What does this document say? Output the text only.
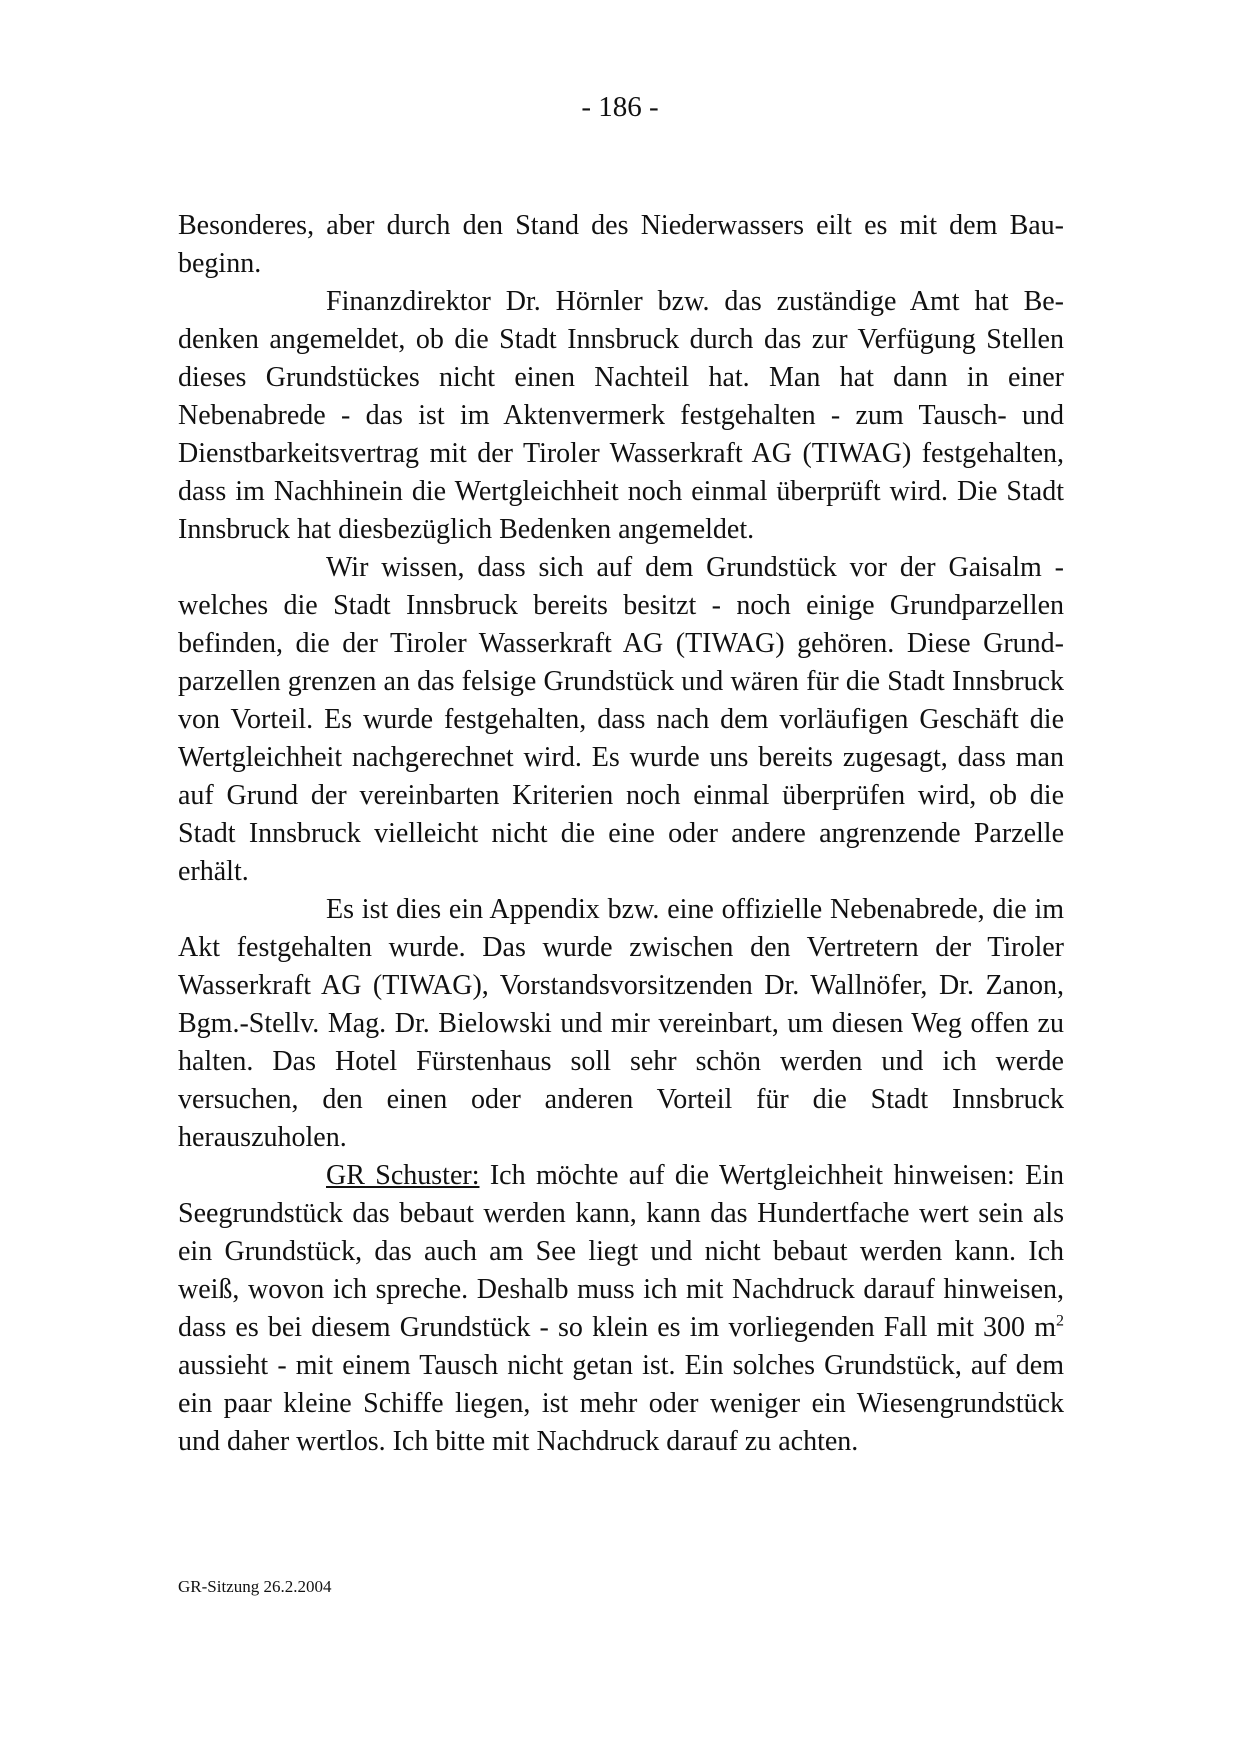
- 186 -

Besonderes, aber durch den Stand des Niederwassers eilt es mit dem Baubeginn.

Finanzdirektor Dr. Hörnler bzw. das zuständige Amt hat Bedenken angemeldet, ob die Stadt Innsbruck durch das zur Verfügung Stellen dieses Grundstückes nicht einen Nachteil hat. Man hat dann in einer Nebenabrede - das ist im Aktenvermerk festgehalten - zum Tausch- und Dienstbarkeitsvertrag mit der Tiroler Wasserkraft AG (TIWAG) festgehalten, dass im Nachhinein die Wertgleichheit noch einmal überprüft wird. Die Stadt Innsbruck hat diesbezüglich Bedenken angemeldet.

Wir wissen, dass sich auf dem Grundstück vor der Gaisalm - welches die Stadt Innsbruck bereits besitzt - noch einige Grundparzellen befinden, die der Tiroler Wasserkraft AG (TIWAG) gehören. Diese Grundparzellen grenzen an das felsige Grundstück und wären für die Stadt Innsbruck von Vorteil. Es wurde festgehalten, dass nach dem vorläufigen Geschäft die Wertgleichheit nachgerechnet wird. Es wurde uns bereits zugesagt, dass man auf Grund der vereinbarten Kriterien noch einmal überprüfen wird, ob die Stadt Innsbruck vielleicht nicht die eine oder andere angrenzende Parzelle erhält.

Es ist dies ein Appendix bzw. eine offizielle Nebenabrede, die im Akt festgehalten wurde. Das wurde zwischen den Vertretern der Tiroler Wasserkraft AG (TIWAG), Vorstandsvorsitzenden Dr. Wallnöfer, Dr. Zanon, Bgm.-Stellv. Mag. Dr. Bielowski und mir vereinbart, um diesen Weg offen zu halten. Das Hotel Fürstenhaus soll sehr schön werden und ich werde versuchen, den einen oder anderen Vorteil für die Stadt Innsbruck herauszuholen.

GR Schuster: Ich möchte auf die Wertgleichheit hinweisen: Ein Seegrundstück das bebaut werden kann, kann das Hundertfache wert sein als ein Grundstück, das auch am See liegt und nicht bebaut werden kann. Ich weiß, wovon ich spreche. Deshalb muss ich mit Nachdruck darauf hinweisen, dass es bei diesem Grundstück - so klein es im vorliegenden Fall mit 300 $m^2$ aussieht - mit einem Tausch nicht getan ist. Ein solches Grundstück, auf dem ein paar kleine Schiffe liegen, ist mehr oder weniger ein Wiesengrundstück und daher wertlos. Ich bitte mit Nachdruck darauf zu achten.

GR-Sitzung 26.2.2004
